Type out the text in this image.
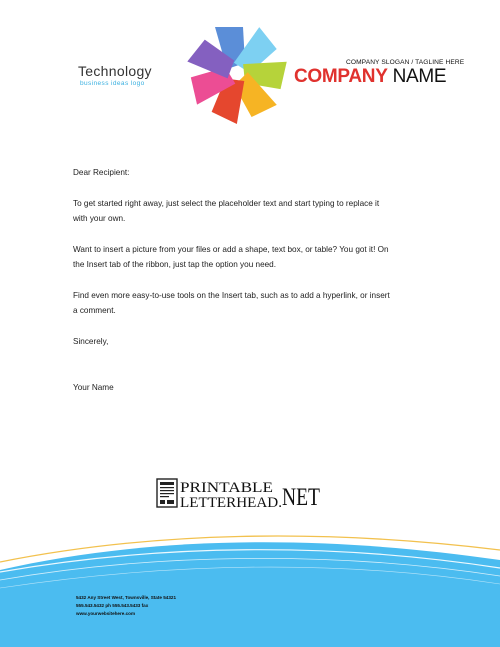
Technology
business ideas logo
COMPANY SLOGAN / TAGLINE HERE
COMPANY NAME

Dear Recipient:

To get started right away, just select the placeholder text and start typing to replace it

with your own.

Want to insert a picture from your files or add a shape, text box, or table? You got it! On

the Insert tab of the ribbon, just tap the option you need.

Find even more easy-to-use tools on the Insert tab, such as to add a hyperlink, or insert

a comment.

Sincerely,

Your Name

PRINTABLE
LETTERHEAD. NET
5432 Any Street West, Townsville, State 54321
555.543.5432 ph 555.543.5433 fax
www.yourwebsitehere.com
